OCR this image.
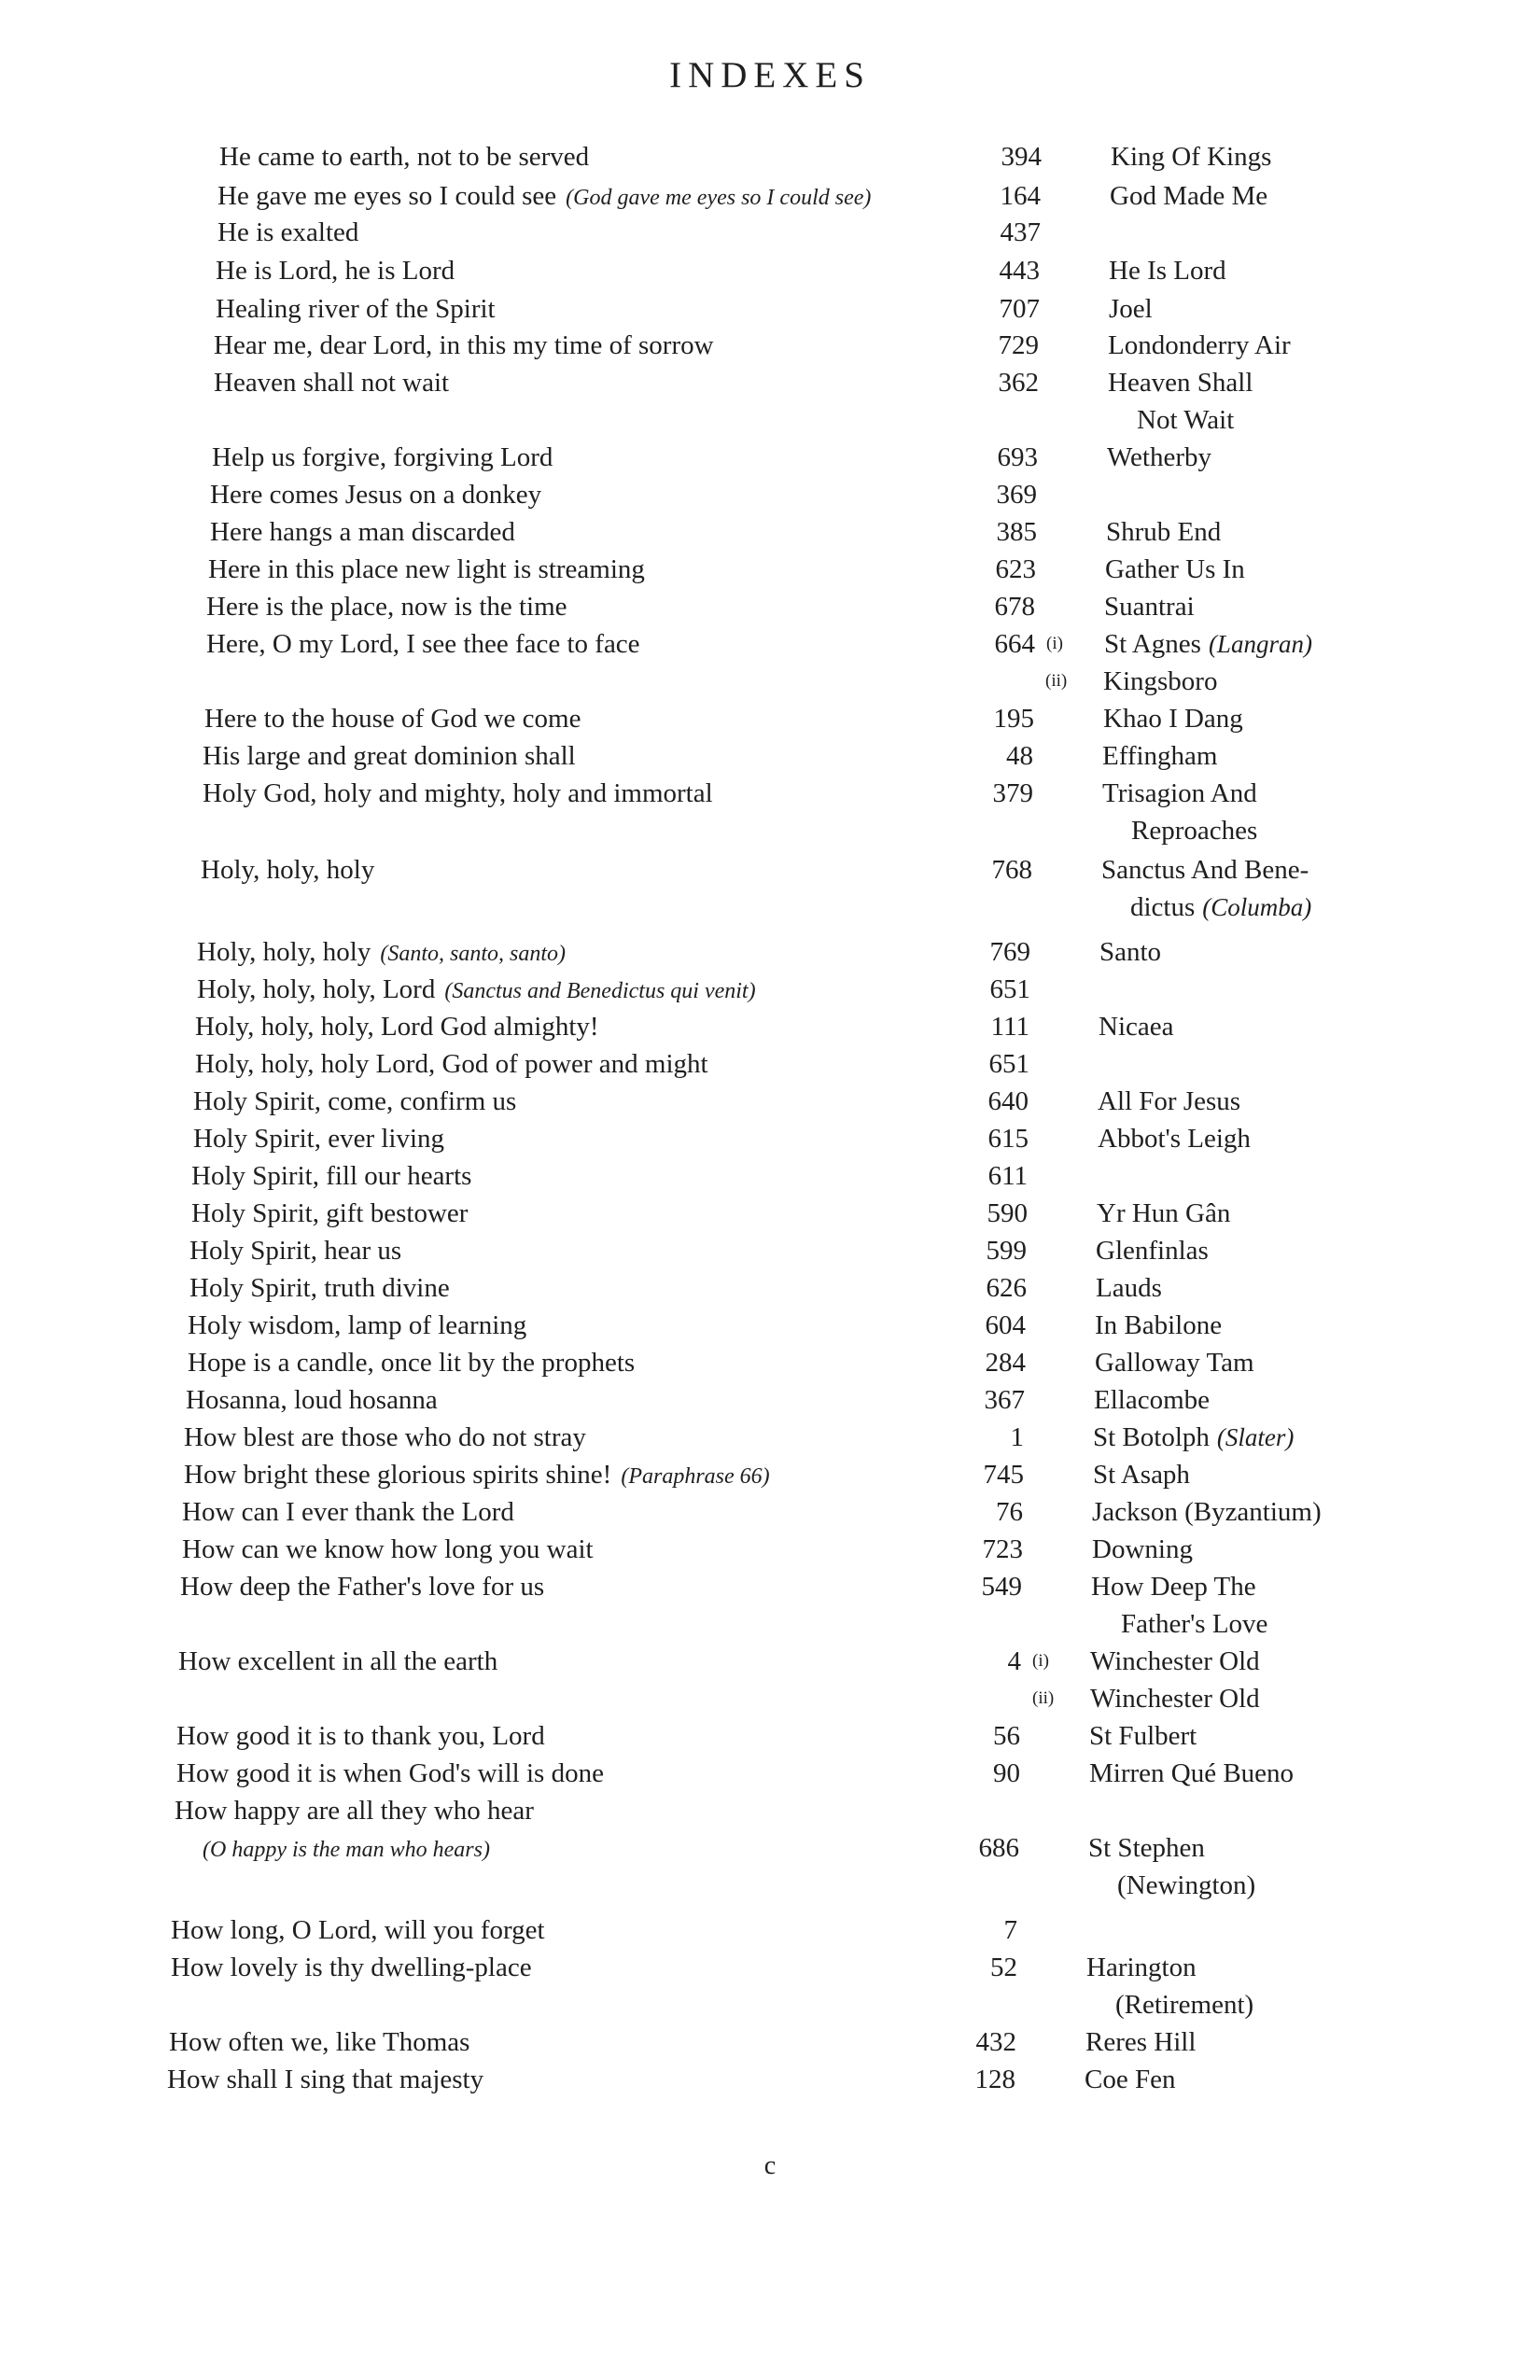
INDEXES
He came to earth, not to be served	394	King Of Kings
He gave me eyes so I could see (God gave me eyes so I could see)	164	God Made Me
He is exalted	437
He is Lord, he is Lord	443	He Is Lord
Healing river of the Spirit	707	Joel
Hear me, dear Lord, in this my time of sorrow	729	Londonderry Air
Heaven shall not wait	362	Heaven Shall
Not Wait
Help us forgive, forgiving Lord	693	Wetherby
Here comes Jesus on a donkey	369
Here hangs a man discarded	385	Shrub End
Here in this place new light is streaming	623	Gather Us In
Here is the place, now is the time	678	Suantrai
Here, O my Lord, I see thee face to face	664 (i) St Agnes (Langran)
(ii) Kingsboro
Here to the house of God we come	195	Khao I Dang
His large and great dominion shall	48	Effingham
Holy God, holy and mighty, holy and immortal	379	Trisagion And
Reproaches
Holy, holy, holy	768	Sanctus And Bene-
dictus (Columba)
Holy, holy, holy (Santo, santo, santo)	769	Santo
Holy, holy, holy, Lord (Sanctus and Benedictus qui venit)	651
Holy, holy, holy, Lord God almighty!	111	Nicaea
Holy, holy, holy Lord, God of power and might	651
Holy Spirit, come, confirm us	640	All For Jesus
Holy Spirit, ever living	615	Abbot's Leigh
Holy Spirit, fill our hearts	611
Holy Spirit, gift bestower	590	Yr Hun Gân
Holy Spirit, hear us	599	Glenfinlas
Holy Spirit, truth divine	626	Lauds
Holy wisdom, lamp of learning	604	In Babilone
Hope is a candle, once lit by the prophets	284	Galloway Tam
Hosanna, loud hosanna	367	Ellacombe
How blest are those who do not stray	1	St Botolph (Slater)
How bright these glorious spirits shine! (Paraphrase 66)	745	St Asaph
How can I ever thank the Lord	76	Jackson (Byzantium)
How can we know how long you wait	723	Downing
How deep the Father's love for us	549	How Deep The
Father's Love
How excellent in all the earth	4 (i) Winchester Old
(ii) Winchester Old
How good it is to thank you, Lord	56	St Fulbert
How good it is when God's will is done	90	Mirren Qué Bueno
How happy are all they who hear
(O happy is the man who hears)	686	St Stephen
(Newington)
How long, O Lord, will you forget	7
How lovely is thy dwelling-place	52	Harington
(Retirement)
How often we, like Thomas	432	Reres Hill
How shall I sing that majesty	128	Coe Fen
c
